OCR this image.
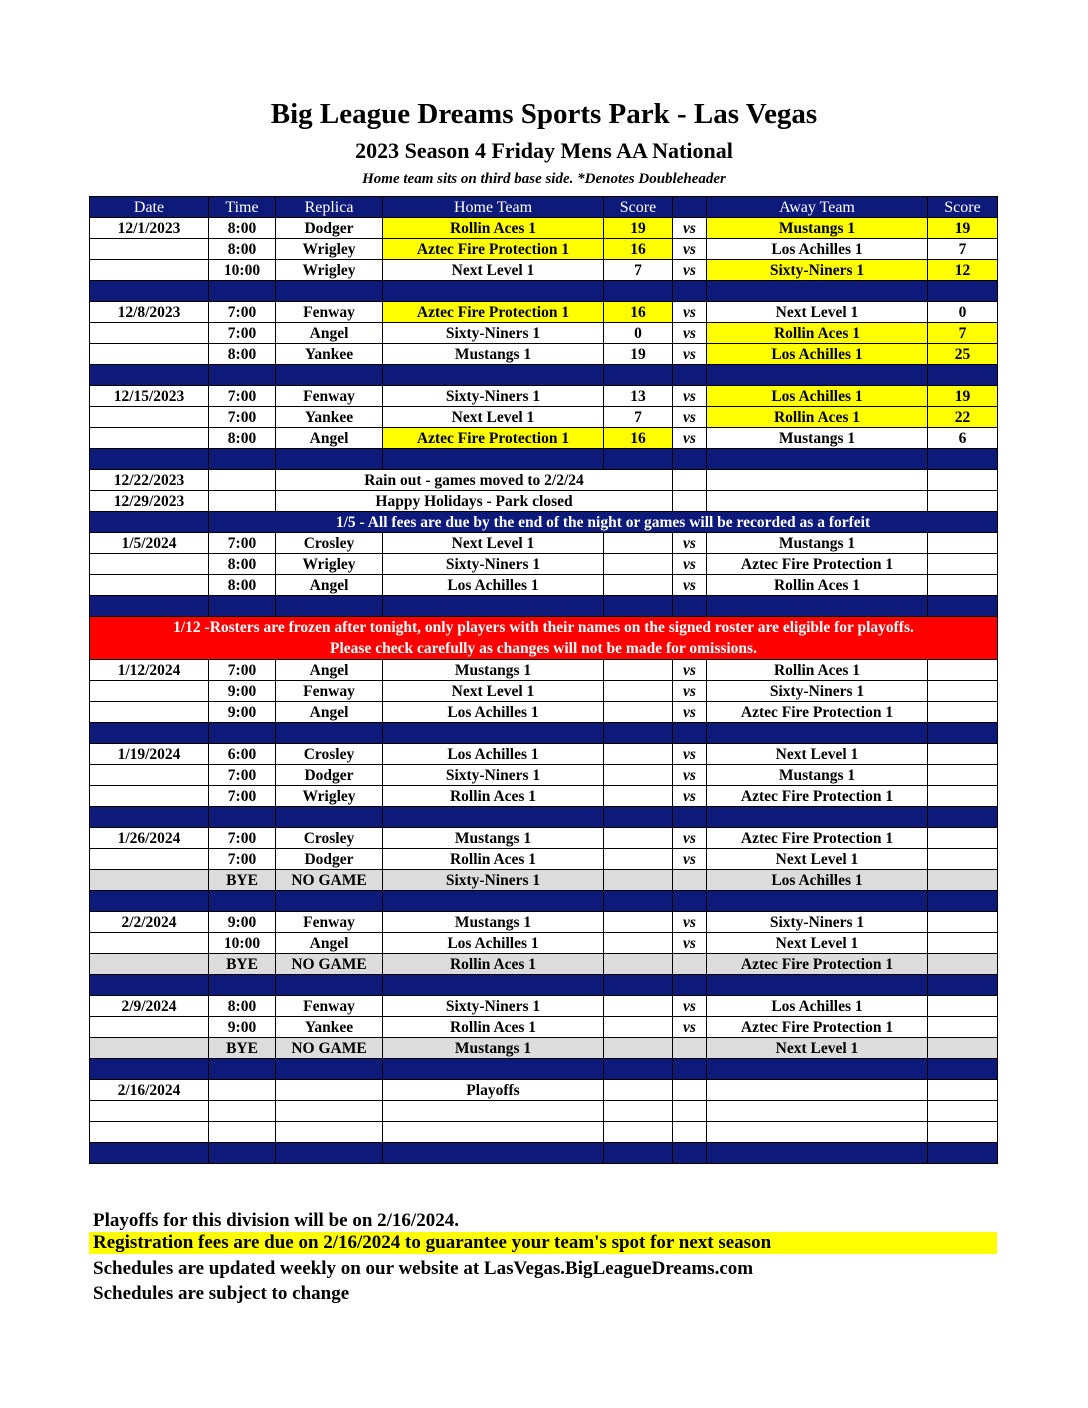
Big League Dreams Sports Park - Las Vegas
2023 Season 4 Friday Mens AA National
Home team sits on third base side. *Denotes Doubleheader
Date	Time	Replica	Home Team	Score		Away Team	Score
12/1/2023	8:00	Dodger	Rollin Aces 1	19	vs	Mustangs 1	19
	8:00	Wrigley	Aztec Fire Protection 1	16	vs	Los Achilles 1	7
	10:00	Wrigley	Next Level 1	7	vs	Sixty-Niners 1	12

12/8/2023	7:00	Fenway	Aztec Fire Protection 1	16	vs	Next Level 1	0
	7:00	Angel	Sixty-Niners 1	0	vs	Rollin Aces 1	7
	8:00	Yankee	Mustangs 1	19	vs	Los Achilles 1	25

12/15/2023	7:00	Fenway	Sixty-Niners 1	13	vs	Los Achilles 1	19
	7:00	Yankee	Next Level 1	7	vs	Rollin Aces 1	22
	8:00	Angel	Aztec Fire Protection 1	16	vs	Mustangs 1	6

12/22/2023		Rain out - games moved to 2/2/24					
12/29/2023		Happy Holidays - Park closed					
	1/5 - All fees are due by the end of the night or games will be recorded as a forfeit						
1/5/2024	7:00	Crosley	Next Level 1		vs	Mustangs 1	
	8:00	Wrigley	Sixty-Niners 1		vs	Aztec Fire Protection 1	
	8:00	Angel	Los Achilles 1		vs	Rollin Aces 1	

1/12 -Rosters are frozen after tonight, only players with their names on the signed roster are eligible for playoffs.
Please check carefully as changes will not be made for omissions.							

1/12/2024	7:00	Angel	Mustangs 1		vs	Rollin Aces 1	
	9:00	Fenway	Next Level 1		vs	Sixty-Niners 1	
	9:00	Angel	Los Achilles 1		vs	Aztec Fire Protection 1	

1/19/2024	6:00	Crosley	Los Achilles 1		vs	Next Level 1	
	7:00	Dodger	Sixty-Niners 1		vs	Mustangs 1	
	7:00	Wrigley	Rollin Aces 1		vs	Aztec Fire Protection 1	

1/26/2024	7:00	Crosley	Mustangs 1		vs	Aztec Fire Protection 1	
	7:00	Dodger	Rollin Aces 1		vs	Next Level 1	
	BYE	NO GAME	Sixty-Niners 1			Los Achilles 1	

2/2/2024	9:00	Fenway	Mustangs 1		vs	Sixty-Niners 1	
	10:00	Angel	Los Achilles 1		vs	Next Level 1	
	BYE	NO GAME	Rollin Aces 1			Aztec Fire Protection 1	

2/9/2024	8:00	Fenway	Sixty-Niners 1		vs	Los Achilles 1	
	9:00	Yankee	Rollin Aces 1		vs	Aztec Fire Protection 1	
	BYE	NO GAME	Mustangs 1			Next Level 1	

2/16/2024			Playoffs				

Playoffs for this division will be on 2/16/2024.
Registration fees are due on 2/16/2024 to guarantee your team's spot for next season
Schedules are updated weekly on our website at LasVegas.BigLeagueDreams.com
Schedules are subject to change
